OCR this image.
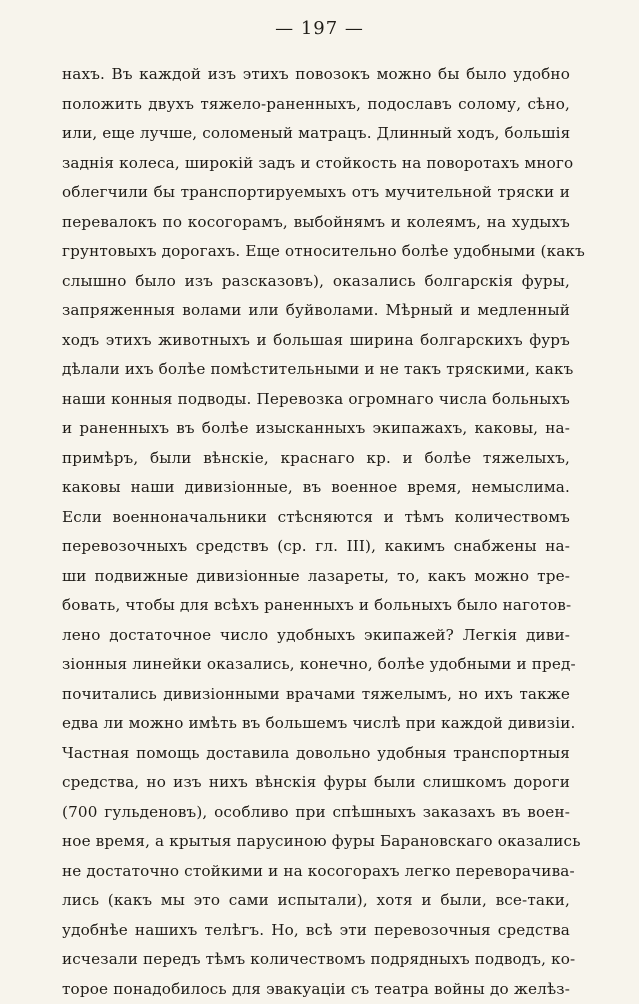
— 197 —
нахъ. Въ каждой изъ этихъ повозокъ можно бы было удобно
положить двухъ тяжело-раненныхъ, подославъ солому, сѣно,
или, еще лучше, соломеный матрацъ. Длинный ходъ, большія
заднія колеса, широкій задъ и стойкость на поворотахъ много
облегчили бы транспортируемыхъ отъ мучительной тряски и
перевалокъ по косогорамъ, выбойнямъ и колеямъ, на худыхъ
грунтовыхъ дорогахъ. Еще относительно болѣе удобными (какъ
слышно было изъ разсказовъ), оказались болгарскія фуры,
запряженныя волами или буйволами. Мѣрный и медленный
ходъ этихъ животныхъ и большая ширина болгарскихъ фуръ
дѣлали ихъ болѣе помѣстительными и не такъ тряскими, какъ
наши конныя подводы. Перевозка огромнаго числа больныхъ
и раненныхъ въ болѣе изысканныхъ экипажахъ, каковы, на-
примѣръ, были вѣнскіе, краснаго кр. и болѣе тяжелыхъ,
каковы наши дивизіонные, въ военное время, немыслима.
Если военноначальники стѣсняются и тѣмъ количествомъ
перевозочныхъ средствъ (ср. гл. III), какимъ снабжены на-
ши подвижные дивизіонные лазареты, то, какъ можно тре-
бовать, чтобы для всѣхъ раненныхъ и больныхъ было наготов-
лено достаточное число удобныхъ экипажей? Легкія диви-
зіонныя линейки оказались, конечно, болѣе удобными и пред-
почитались дивизіонными врачами тяжелымъ, но ихъ также
едва ли можно имѣть въ большемъ числѣ при каждой дивизіи.
Частная помощь доставила довольно удобныя транспортныя
средства, но изъ нихъ вѣнскія фуры были слишкомъ дороги
(700 гульденовъ), особливо при спѣшныхъ заказахъ въ воен-
ное время, а крытыя парусиною фуры Барановскаго оказались
не достаточно стойкими и на косогорахъ легко переворачива-
лись (какъ мы это сами испытали), хотя и были, все-таки,
удобнѣе нашихъ телѣгъ. Но, всѣ эти перевозочныя средства
исчезали передъ тѣмъ количествомъ подрядныхъ подводъ, ко-
торое понадобилось для эвакуаціи съ театра войны до желѣз-
